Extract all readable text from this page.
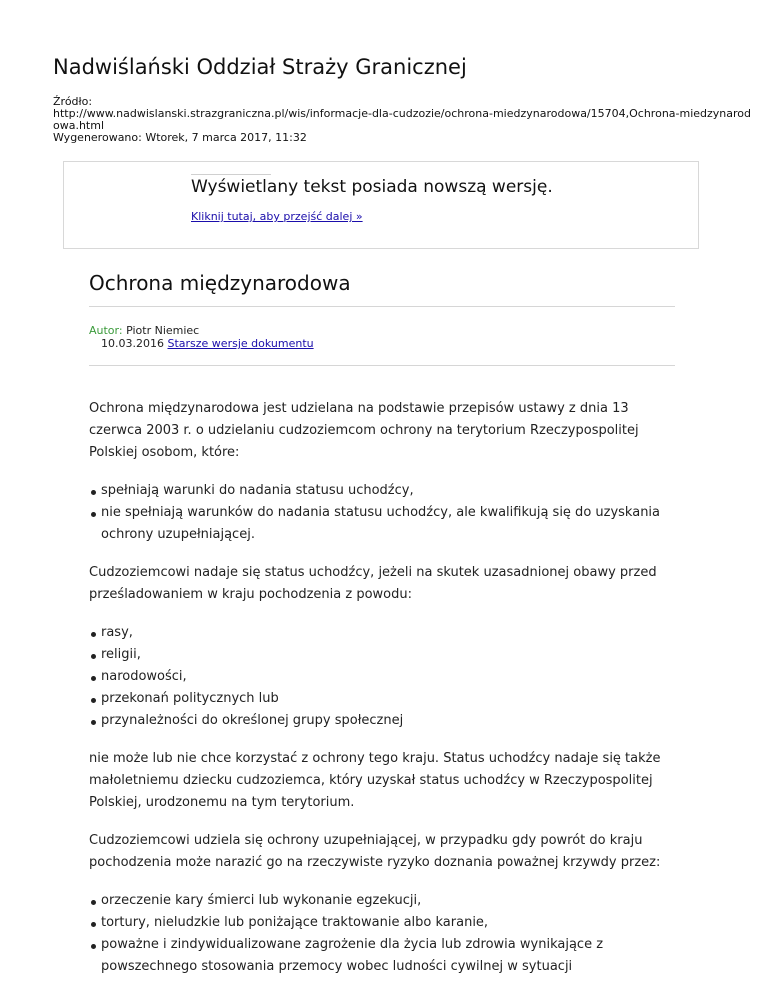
Nadwiślański Oddział Straży Granicznej
Źródło:
http://www.nadwislanski.strazgraniczna.pl/wis/informacje-dla-cudzozie/ochrona-miedzynarodowa/15704,Ochrona-miedzynarodowa.html
Wygenerowano: Wtorek, 7 marca 2017, 11:32
Wyświetlany tekst posiada nowszą wersję.
Kliknij tutaj, aby przejść dalej »
Ochrona międzynarodowa
Autor: Piotr Niemiec
10.03.2016 Starsze wersje dokumentu

Ochrona międzynarodowa jest udzielana na podstawie przepisów ustawy z dnia 13 czerwca 2003 r. o udzielaniu cudzoziemcom ochrony na terytorium Rzeczypospolitej Polskiej osobom, które:

spełniają warunki do nadania statusu uchodźcy,
nie spełniają warunków do nadania statusu uchodźcy, ale kwalifikują się do uzyskania ochrony uzupełniającej.

Cudzoziemcowi nadaje się status uchodźcy, jeżeli na skutek uzasadnionej obawy przed prześladowaniem w kraju pochodzenia z powodu:

rasy,
religii,
narodowości,
przekonań politycznych lub
przynależności do określonej grupy społecznej

nie może lub nie chce korzystać z ochrony tego kraju. Status uchodźcy nadaje się także małoletniemu dziecku cudzoziemca, który uzyskał status uchodźcy w Rzeczypospolitej Polskiej, urodzonemu na tym terytorium.

Cudzoziemcowi udziela się ochrony uzupełniającej, w przypadku gdy powrót do kraju pochodzenia może narazić go na rzeczywiste ryzyko doznania poważnej krzywdy przez:

orzeczenie kary śmierci lub wykonanie egzekucji,
tortury, nieludzkie lub poniżające traktowanie albo karanie,
poważne i zindywidualizowane zagrożenie dla życia lub zdrowia wynikające z powszechnego stosowania przemocy wobec ludności cywilnej w sytuacji
